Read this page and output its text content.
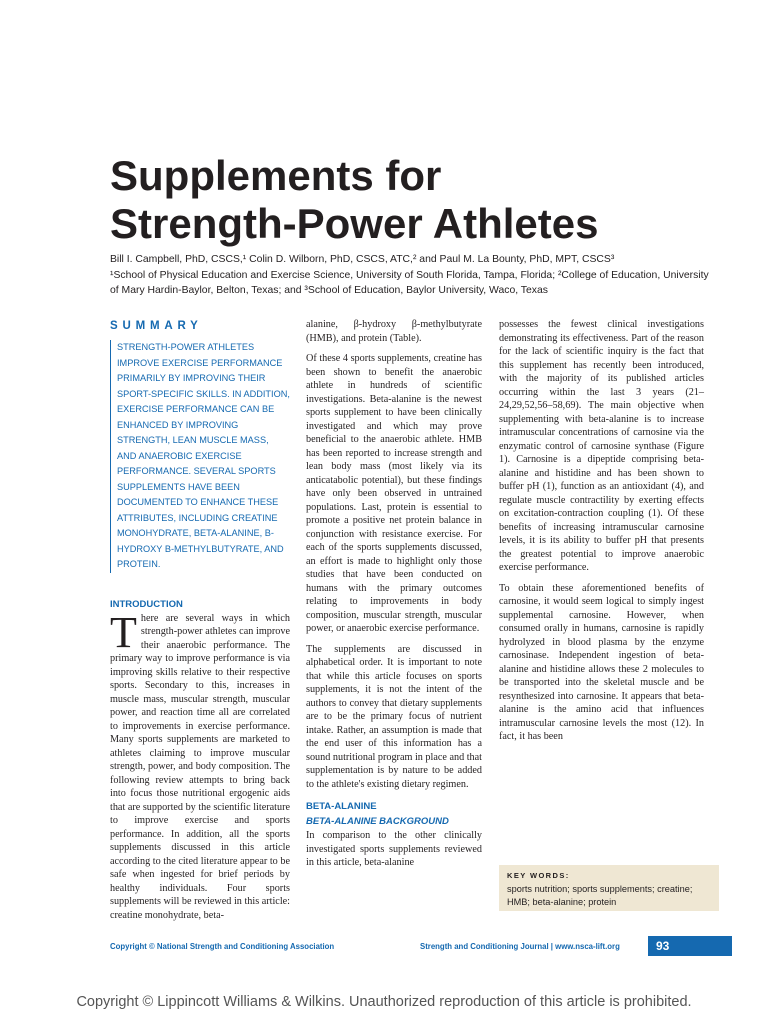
Supplements for
Strength-Power Athletes

Bill I. Campbell, PhD, CSCS,¹ Colin D. Wilborn, PhD, CSCS, ATC,² and Paul M. La Bounty, PhD, MPT, CSCS³

¹School of Physical Education and Exercise Science, University of South Florida, Tampa, Florida; ²College of Education, University of Mary Hardin-Baylor, Belton, Texas; and ³School of Education, Baylor University, Waco, Texas

SUMMARY
STRENGTH-POWER ATHLETES IMPROVE EXERCISE PERFORMANCE PRIMARILY BY IMPROVING THEIR SPORT-SPECIFIC SKILLS. IN ADDITION, EXERCISE PERFORMANCE CAN BE ENHANCED BY IMPROVING STRENGTH, LEAN MUSCLE MASS, AND ANAEROBIC EXERCISE PERFORMANCE. SEVERAL SPORTS SUPPLEMENTS HAVE BEEN DOCUMENTED TO ENHANCE THESE ATTRIBUTES, INCLUDING CREATINE MONOHYDRATE, BETA-ALANINE, Β-HYDROXY Β-METHYLBUTYRATE, AND PROTEIN.
INTRODUCTION

There are several ways in which strength-power athletes can improve their anaerobic performance. The primary way to improve performance is via improving skills relative to their respective sports. Secondary to this, increases in muscle mass, muscular strength, muscular power, and reaction time all are correlated to improvements in exercise performance. Many sports supplements are marketed to athletes claiming to improve muscular strength, power, and body composition. The following review attempts to bring back into focus those nutritional ergogenic aids that are supported by the scientific literature to improve exercise and sports performance. In addition, all the sports supplements discussed in this article according to the cited literature appear to be safe when ingested for brief periods by healthy individuals. Four sports supplements will be reviewed in this article: creatine monohydrate, beta-

alanine, β-hydroxy β-methylbutyrate (HMB), and protein (Table).

Of these 4 sports supplements, creatine has been shown to benefit the anaerobic athlete in hundreds of scientific investigations. Beta-alanine is the newest sports supplement to have been clinically investigated and which may prove beneficial to the anaerobic athlete. HMB has been reported to increase strength and lean body mass (most likely via its anticatabolic potential), but these findings have only been observed in untrained populations. Last, protein is essential to promote a positive net protein balance in conjunction with resistance exercise. For each of the sports supplements discussed, an effort is made to highlight only those studies that have been conducted on humans with the primary outcomes relating to improvements in body composition, muscular strength, muscular power, or anaerobic exercise performance.

The supplements are discussed in alphabetical order. It is important to note that while this article focuses on sports supplements, it is not the intent of the authors to convey that dietary supplements are to be the primary focus of nutrient intake. Rather, an assumption is made that the end user of this information has a sound nutritional program in place and that supplementation is by nature to be added to the athlete's existing dietary regimen.

BETA-ALANINE
BETA-ALANINE BACKGROUND

In comparison to the other clinically investigated sports supplements reviewed in this article, beta-alanine

possesses the fewest clinical investigations demonstrating its effectiveness. Part of the reason for the lack of scientific inquiry is the fact that this supplement has recently been introduced, with the majority of its published articles occurring within the last 3 years (21–24,29,52,56–58,69). The main objective when supplementing with beta-alanine is to increase intramuscular concentrations of carnosine via the enzymatic control of carnosine synthase (Figure 1). Carnosine is a dipeptide comprising beta-alanine and histidine and has been shown to buffer pH (1), function as an antioxidant (4), and regulate muscle contractility by exerting effects on excitation-contraction coupling (1). Of these benefits of increasing intramuscular carnosine levels, it is its ability to buffer pH that presents the greatest potential to improve anaerobic exercise performance.

To obtain these aforementioned benefits of carnosine, it would seem logical to simply ingest supplemental carnosine. However, when consumed orally in humans, carnosine is rapidly hydrolyzed in blood plasma by the enzyme carnosinase. Independent ingestion of beta-alanine and histidine allows these 2 molecules to be transported into the skeletal muscle and be resynthesized into carnosine. It appears that beta-alanine is the amino acid that influences intramuscular carnosine levels the most (12). In fact, it has been

KEY WORDS:
sports nutrition; sports supplements; creatine; HMB; beta-alanine; protein
Copyright © National Strength and Conditioning Association	Strength and Conditioning Journal | www.nsca-lift.org	93
Copyright © Lippincott Williams & Wilkins. Unauthorized reproduction of this article is prohibited.
